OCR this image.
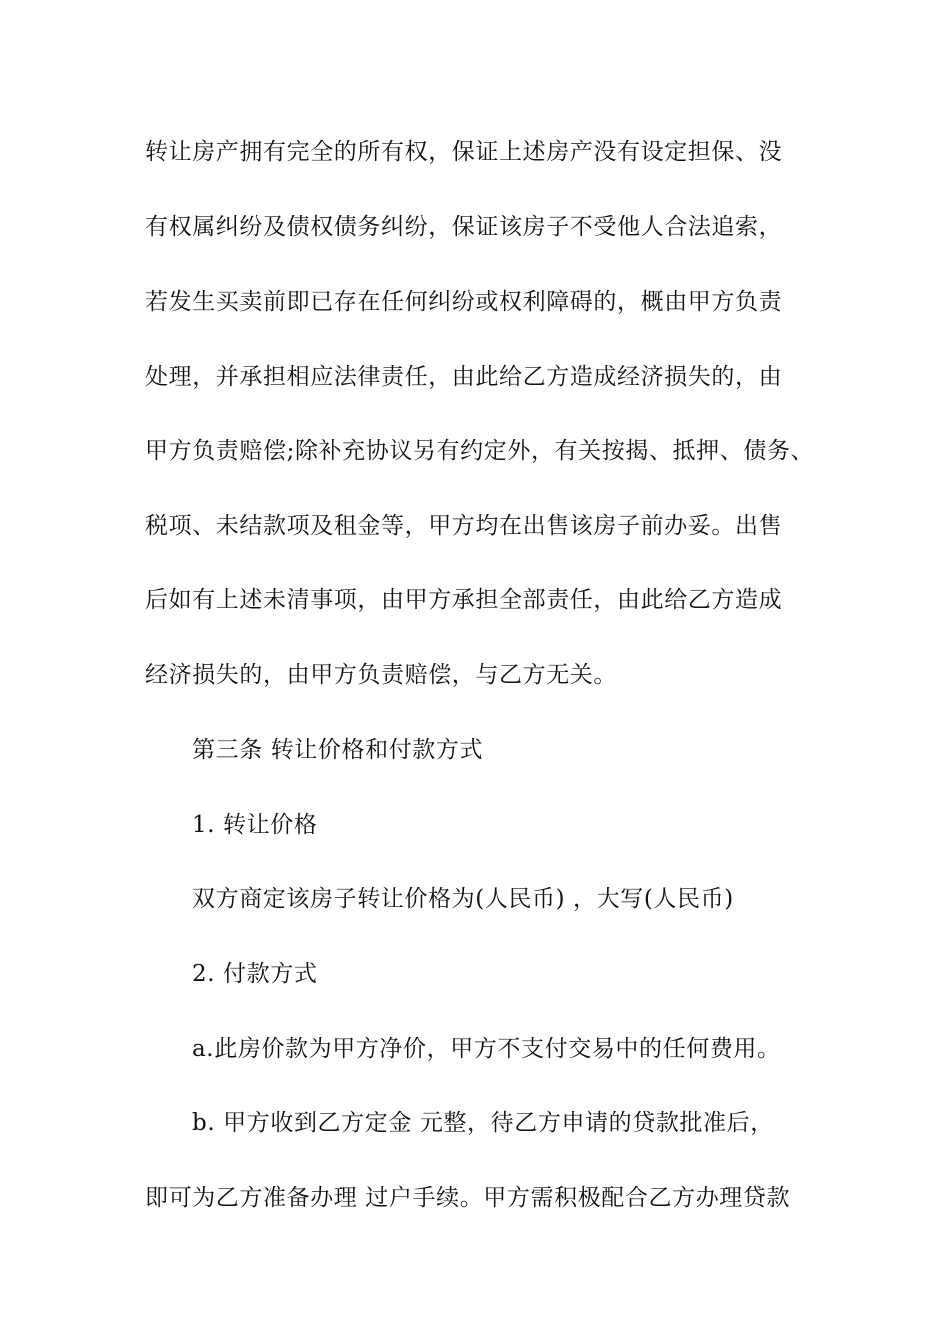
转让房产拥有完全的所有权，保证上述房产没有设定担保、没
有权属纠纷及债权债务纠纷，保证该房子不受他人合法追索，
若发生买卖前即已存在任何纠纷或权利障碍的，概由甲方负责
处理，并承担相应法律责任，由此给乙方造成经济损失的，由
甲方负责赔偿;除补充协议另有约定外，有关按揭、抵押、债务、
税项、未结款项及租金等，甲方均在出售该房子前办妥。出售
后如有上述未清事项，由甲方承担全部责任，由此给乙方造成
经济损失的，由甲方负责赔偿，与乙方无关。
第三条 转让价格和付款方式
1. 转让价格
双方商定该房子转让价格为(人民币) ，大写(人民币)
2. 付款方式
a.此房价款为甲方净价，甲方不支付交易中的任何费用。
b. 甲方收到乙方定金 元整，待乙方申请的贷款批准后，
即可为乙方准备办理 过户手续。甲方需积极配合乙方办理贷款
